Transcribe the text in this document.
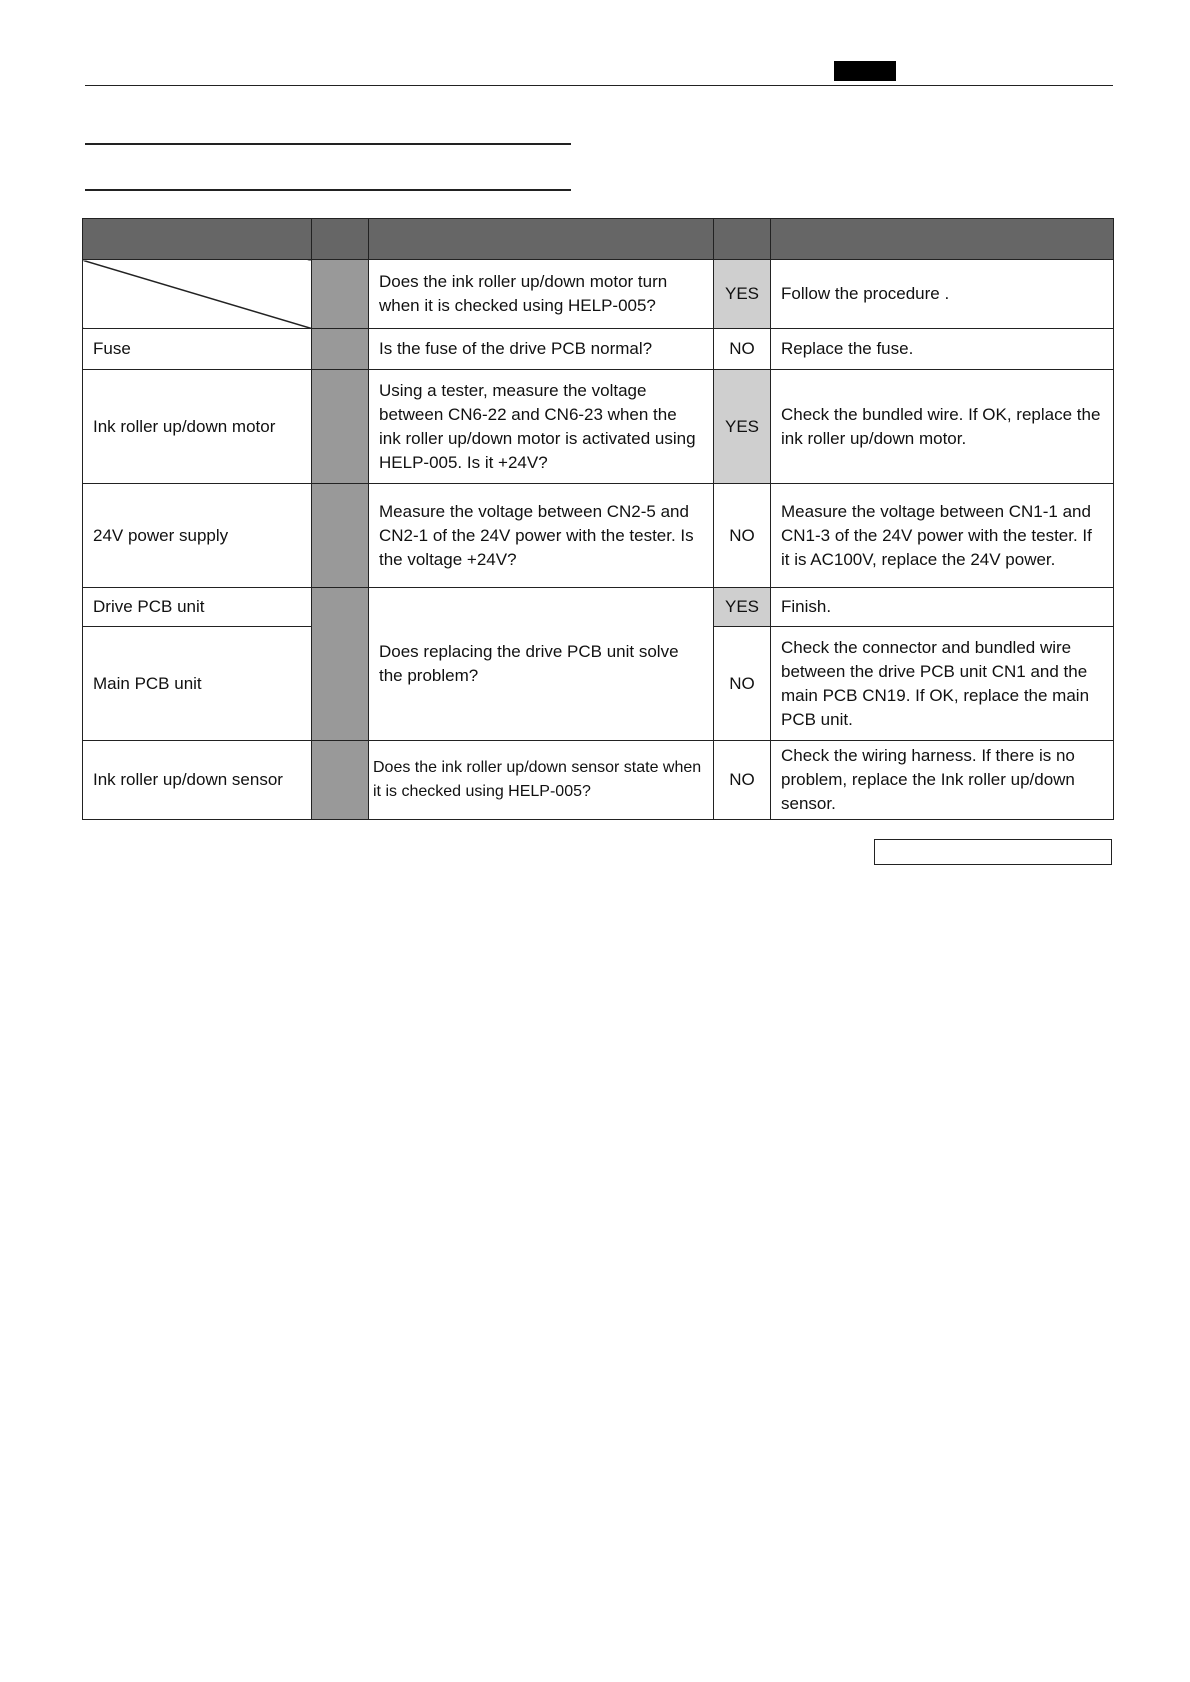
		Does the ink roller up/down motor turn when it is checked using HELP-005?	YES	Follow the procedure .
Fuse		Is the fuse of the drive PCB normal?	NO	Replace the fuse.
Ink roller up/down motor		Using a tester, measure the voltage between CN6-22 and CN6-23 when the ink roller up/down motor is activated using HELP-005. Is it +24V?	YES	Check the bundled wire. If OK, replace the ink roller up/down motor.
24V power supply		Measure the voltage between CN2-5 and CN2-1 of the 24V power with the tester. Is the voltage +24V?	NO	Measure the voltage between CN1-1 and CN1-3 of the 24V power with the tester. If it is AC100V, replace the 24V power.
Drive PCB unit		Does replacing the drive PCB unit solve the problem?	YES	Finish.
Main PCB unit			NO	Check the connector and bundled wire between the drive PCB unit CN1 and the main PCB CN19. If OK, replace the main PCB unit.
Ink roller up/down sensor		Does the ink roller up/down sensor state when it is checked using HELP-005?	NO	Check the wiring harness. If there is no problem, replace the Ink roller up/down sensor.
